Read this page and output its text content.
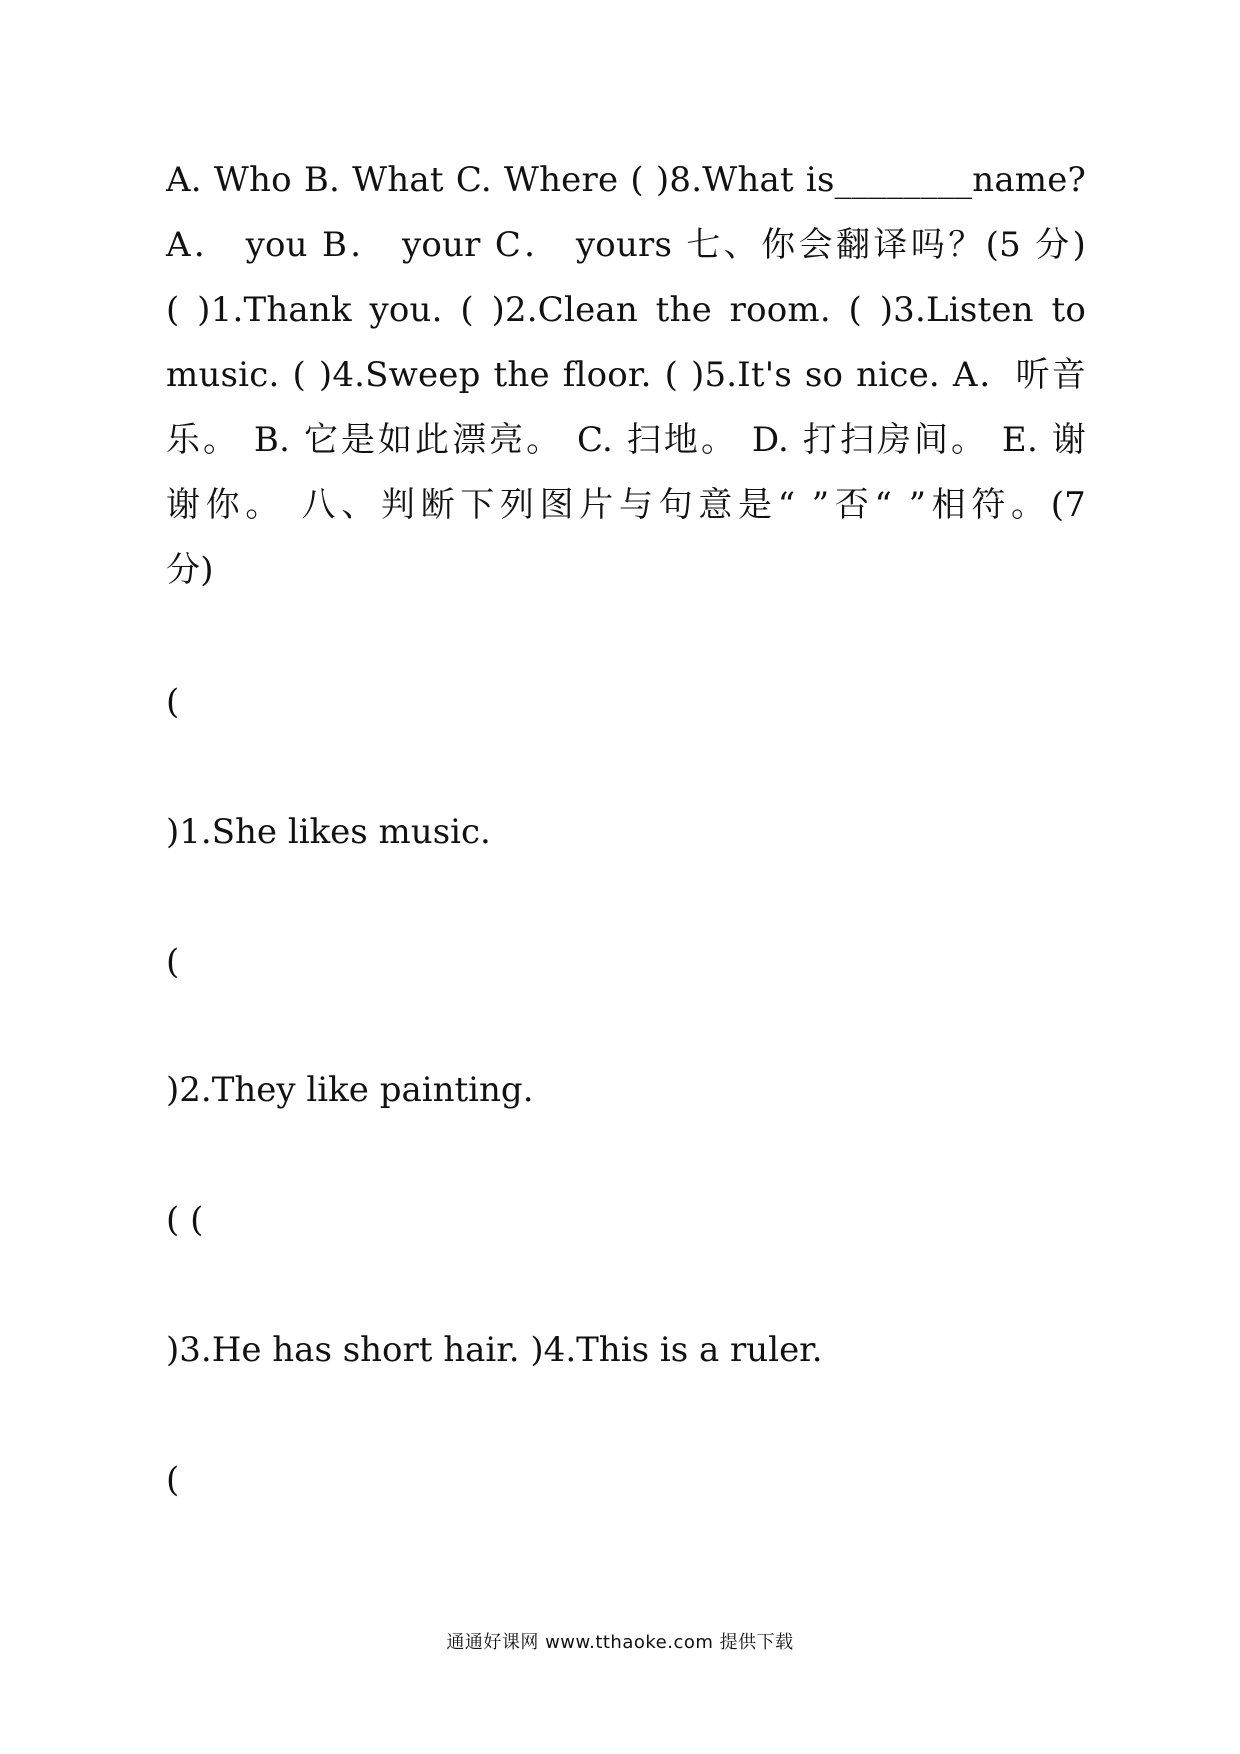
A. Who B. What C. Where ( )8.What is________name?
A． you B． your C． yours 七、你会翻译吗？(5 分)
( )1.Thank you. ( )2.Clean the room. ( )3.Listen to
music. ( )4.Sweep the floor. ( )5.It's so nice. A．听音
乐。 B. 它是如此漂亮。 C. 扫地。 D. 打扫房间。 E. 谢
谢你。 八、判断下列图片与句意是“ ”否“ ”相符。(7
分)
(
)1.She likes music.
(
)2.They like painting.
( (
)3.He has short hair. )4.This is a ruler.
(
通通好课网 www.tthaoke.com 提供下载
